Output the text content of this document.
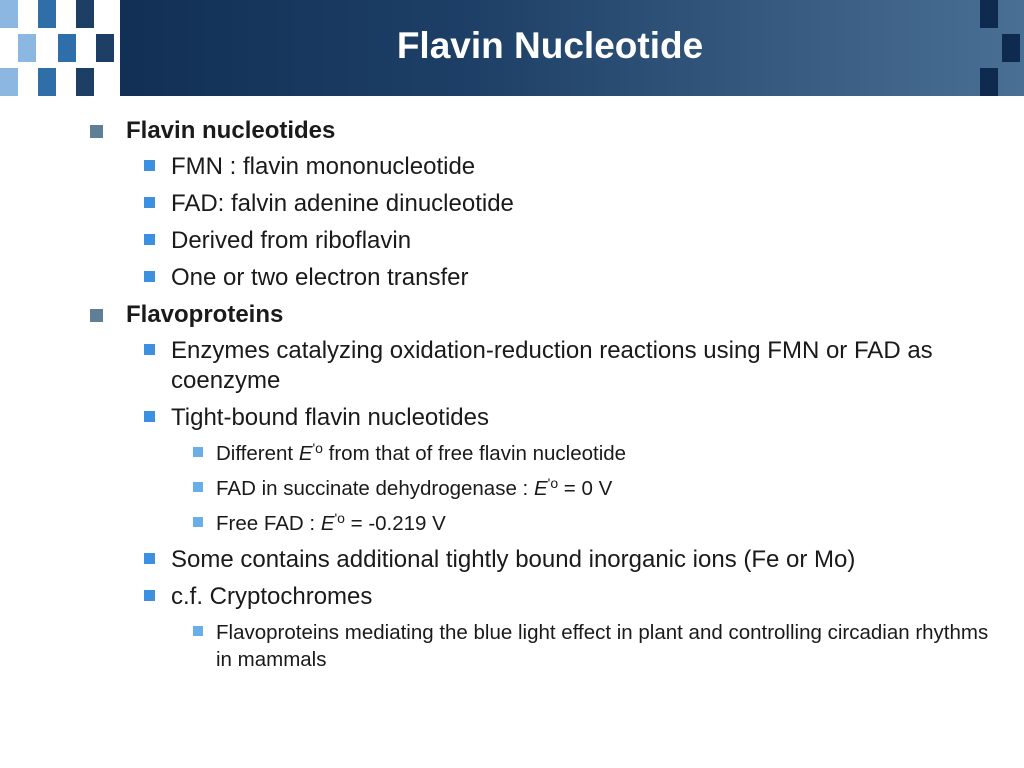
Flavin Nucleotide
Flavin nucleotides
FMN : flavin mononucleotide
FAD: falvin adenine dinucleotide
Derived from riboflavin
One or two electron transfer
Flavoproteins
Enzymes catalyzing oxidation-reduction reactions using FMN or FAD as coenzyme
Tight-bound flavin nucleotides
Different $E^{'o}$ from that of free flavin nucleotide
FAD in succinate dehydrogenase : $E^{'o} = 0$ V
Free FAD : $E^{'o} = -0.219$ V
Some contains additional tightly bound inorganic ions (Fe or Mo)
c.f. Cryptochromes
Flavoproteins mediating the blue light effect in plant and controlling circadian rhythms in mammals
